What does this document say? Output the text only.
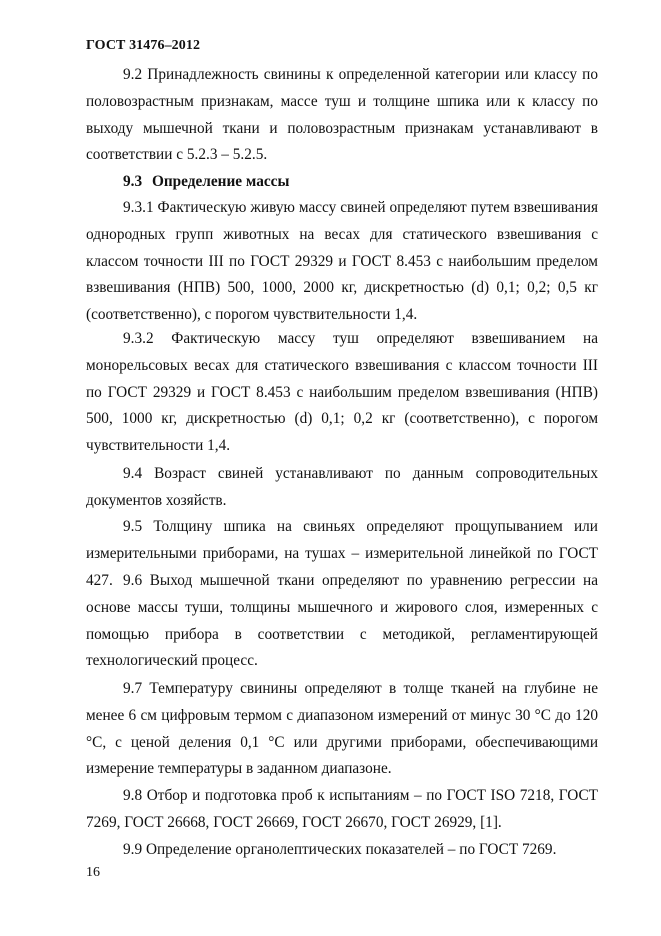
ГОСТ 31476–2012

9.2 Принадлежность свинины к определенной категории или классу по половозрастным признакам, массе туш и толщине шпика или к классу по выходу мышечной ткани и половозрастным признакам устанавливают в соответствии с 5.2.3 – 5.2.5.

9.3 Определение массы

9.3.1 Фактическую живую массу свиней определяют путем взвешивания однородных групп животных на весах для статического взвешивания с классом точности III по ГОСТ 29329 и ГОСТ 8.453 с наибольшим пределом взвешивания (НПВ) 500, 1000, 2000 кг, дискретностью (d) 0,1; 0,2; 0,5 кг (соответственно), с порогом чувствительности 1,4.

9.3.2 Фактическую массу туш определяют взвешиванием на монорельсовых весах для статического взвешивания с классом точности III по ГОСТ 29329 и ГОСТ 8.453 с наибольшим пределом взвешивания (НПВ) 500, 1000 кг, дискретностью (d) 0,1; 0,2 кг (соответственно), с порогом чувствительности 1,4.

9.4 Возраст свиней устанавливают по данным сопроводительных документов хозяйств.

9.5 Толщину шпика на свиньях определяют прощупыванием или измерительными приборами, на тушах – измерительной линейкой по ГОСТ 427. 9.6 Выход мышечной ткани определяют по уравнению регрессии на основе массы туши, толщины мышечного и жирового слоя, измеренных с помощью прибора в соответствии с методикой, регламентирующей технологический процесс.

9.7 Температуру свинины определяют в толще тканей на глубине не менее 6 см цифровым термом с диапазоном измерений от минус 30 °С до 120 °С, с ценой деления 0,1 °С или другими приборами, обеспечивающими измерение температуры в заданном диапазоне.

9.8 Отбор и подготовка проб к испытаниям – по ГОСТ ISO 7218, ГОСТ 7269, ГОСТ 26668, ГОСТ 26669, ГОСТ 26670, ГОСТ 26929, [1].

9.9 Определение органолептических показателей – по ГОСТ 7269.

16
